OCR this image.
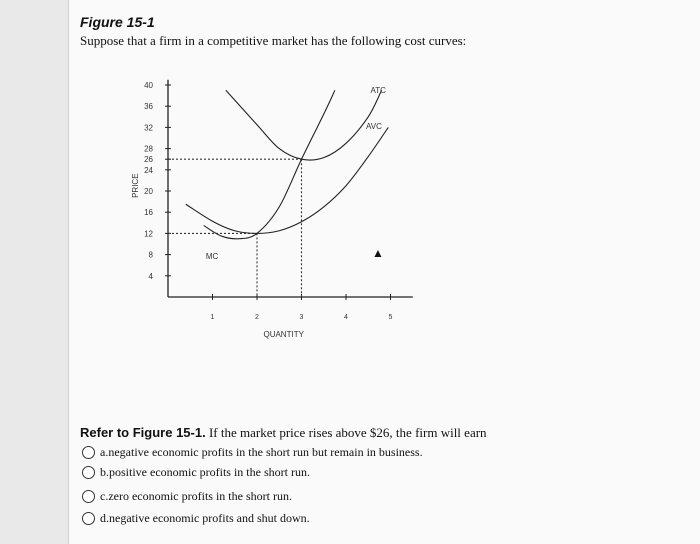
Figure 15-1
Suppose that a firm in a competitive market has the following cost curves:
4
8
12
16
20
24
26
28
32
36
40
1	2	3	4	5
QUANTITY
PRICE
ATC
AVC
MC
Refer to Figure 15-1. If the market price rises above $26, the firm will earn
a. negative economic profits in the short run but remain in business.
b. positive economic profits in the short run.
c. zero economic profits in the short run.
d. negative economic profits and shut down.
▲
